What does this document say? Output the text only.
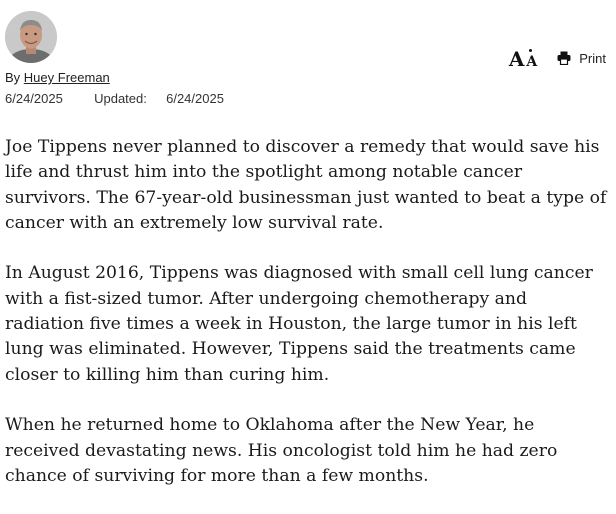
By Huey Freeman
6/24/2025 Updated: 6/24/2025
A A	Print

Joe Tippens never planned to discover a remedy that would save his life and thrust him into the spotlight among notable cancer survivors. The 67-year-old businessman just wanted to beat a type of cancer with an extremely low survival rate.

In August 2016, Tippens was diagnosed with small cell lung cancer with a fist-sized tumor. After undergoing chemotherapy and radiation five times a week in Houston, the large tumor in his left lung was eliminated. However, Tippens said the treatments came closer to killing him than curing him.

When he returned home to Oklahoma after the New Year, he received devastating news. His oncologist told him he had zero chance of surviving for more than a few months.
